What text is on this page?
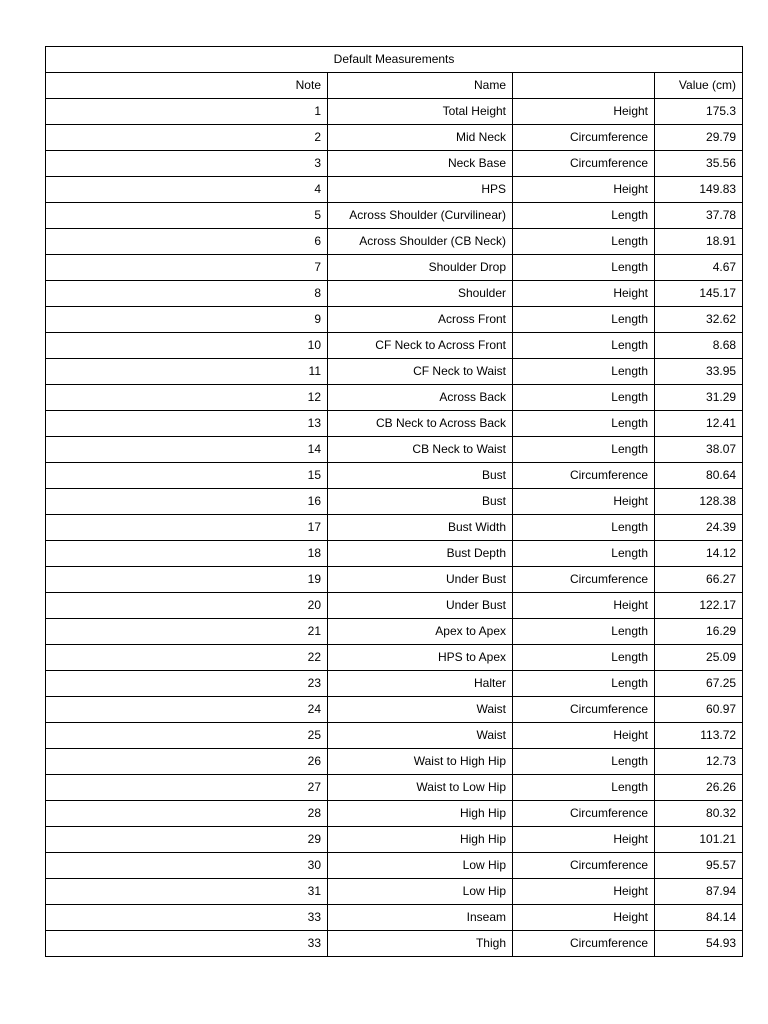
Default Measurements			
Note	Name		Value (cm)
1	Total Height	Height	175.3
2	Mid Neck	Circumference	29.79
3	Neck Base	Circumference	35.56
4	HPS	Height	149.83
5	Across Shoulder (Curvilinear)	Length	37.78
6	Across Shoulder (CB Neck)	Length	18.91
7	Shoulder Drop	Length	4.67
8	Shoulder	Height	145.17
9	Across Front	Length	32.62
10	CF Neck to Across Front	Length	8.68
11	CF Neck to Waist	Length	33.95
12	Across Back	Length	31.29
13	CB Neck to Across Back	Length	12.41
14	CB Neck to Waist	Length	38.07
15	Bust	Circumference	80.64
16	Bust	Height	128.38
17	Bust Width	Length	24.39
18	Bust Depth	Length	14.12
19	Under Bust	Circumference	66.27
20	Under Bust	Height	122.17
21	Apex to Apex	Length	16.29
22	HPS to Apex	Length	25.09
23	Halter	Length	67.25
24	Waist	Circumference	60.97
25	Waist	Height	113.72
26	Waist to High Hip	Length	12.73
27	Waist to Low Hip	Length	26.26
28	High Hip	Circumference	80.32
29	High Hip	Height	101.21
30	Low Hip	Circumference	95.57
31	Low Hip	Height	87.94
33	Inseam	Height	84.14
33	Thigh	Circumference	54.93
